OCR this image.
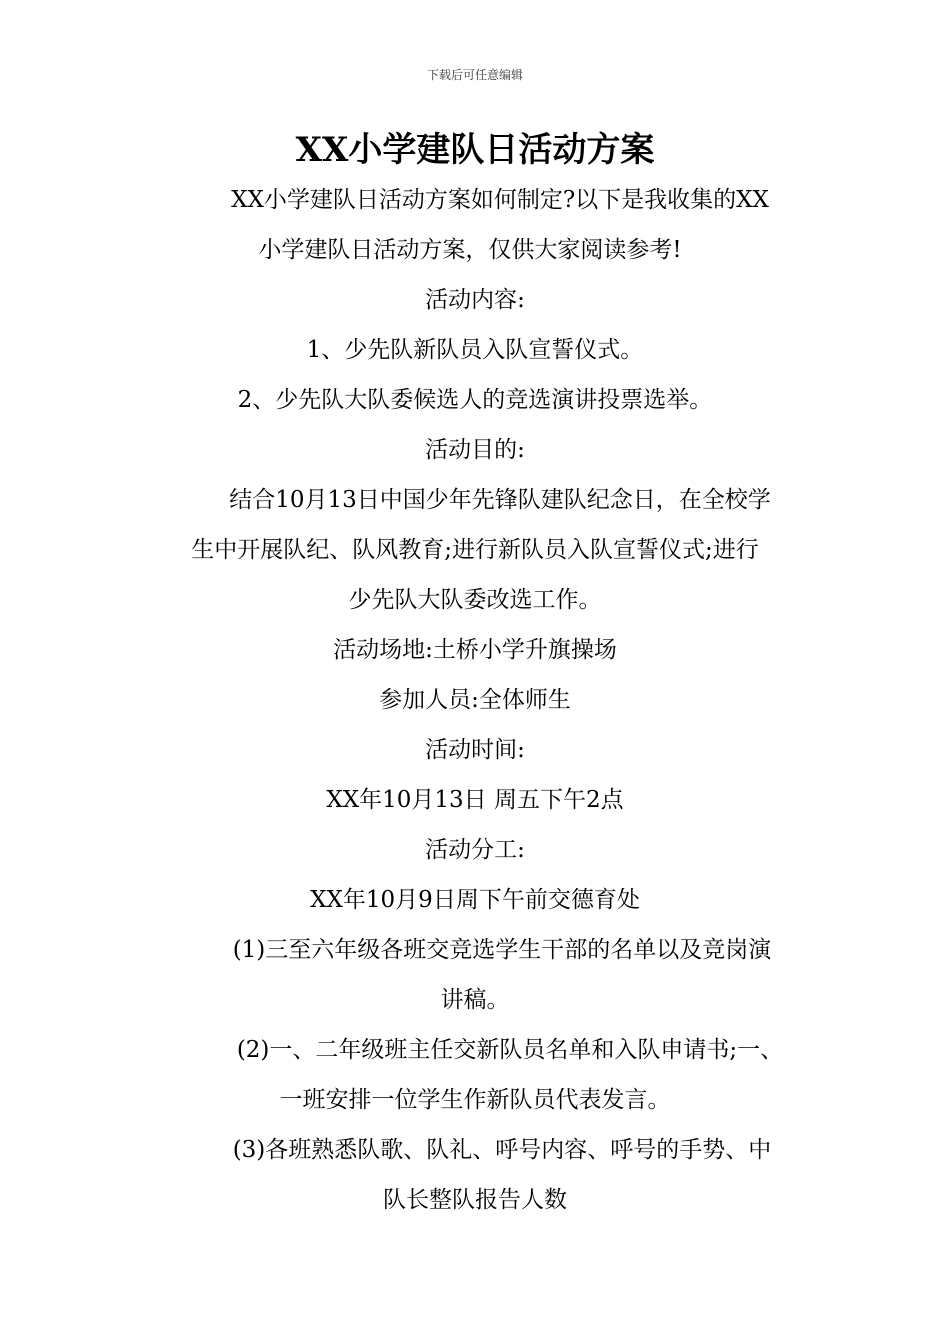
下载后可任意编辑
XX小学建队日活动方案
XX小学建队日活动方案如何制定?以下是我收集的XX
小学建队日活动方案，仅供大家阅读参考!
活动内容:
1、少先队新队员入队宣誓仪式。
2、少先队大队委候选人的竞选演讲投票选举。
活动目的:
结合10月13日中国少年先锋队建队纪念日，在全校学
生中开展队纪、队风教育;进行新队员入队宣誓仪式;进行
少先队大队委改选工作。
活动场地:土桥小学升旗操场
参加人员:全体师生
活动时间:
XX年10月13日 周五下午2点
活动分工:
XX年10月9日周下午前交德育处
(1)三至六年级各班交竞选学生干部的名单以及竞岗演
讲稿。
(2)一、二年级班主任交新队员名单和入队申请书;一、
一班安排一位学生作新队员代表发言。
(3)各班熟悉队歌、队礼、呼号内容、呼号的手势、中
队长整队报告人数
